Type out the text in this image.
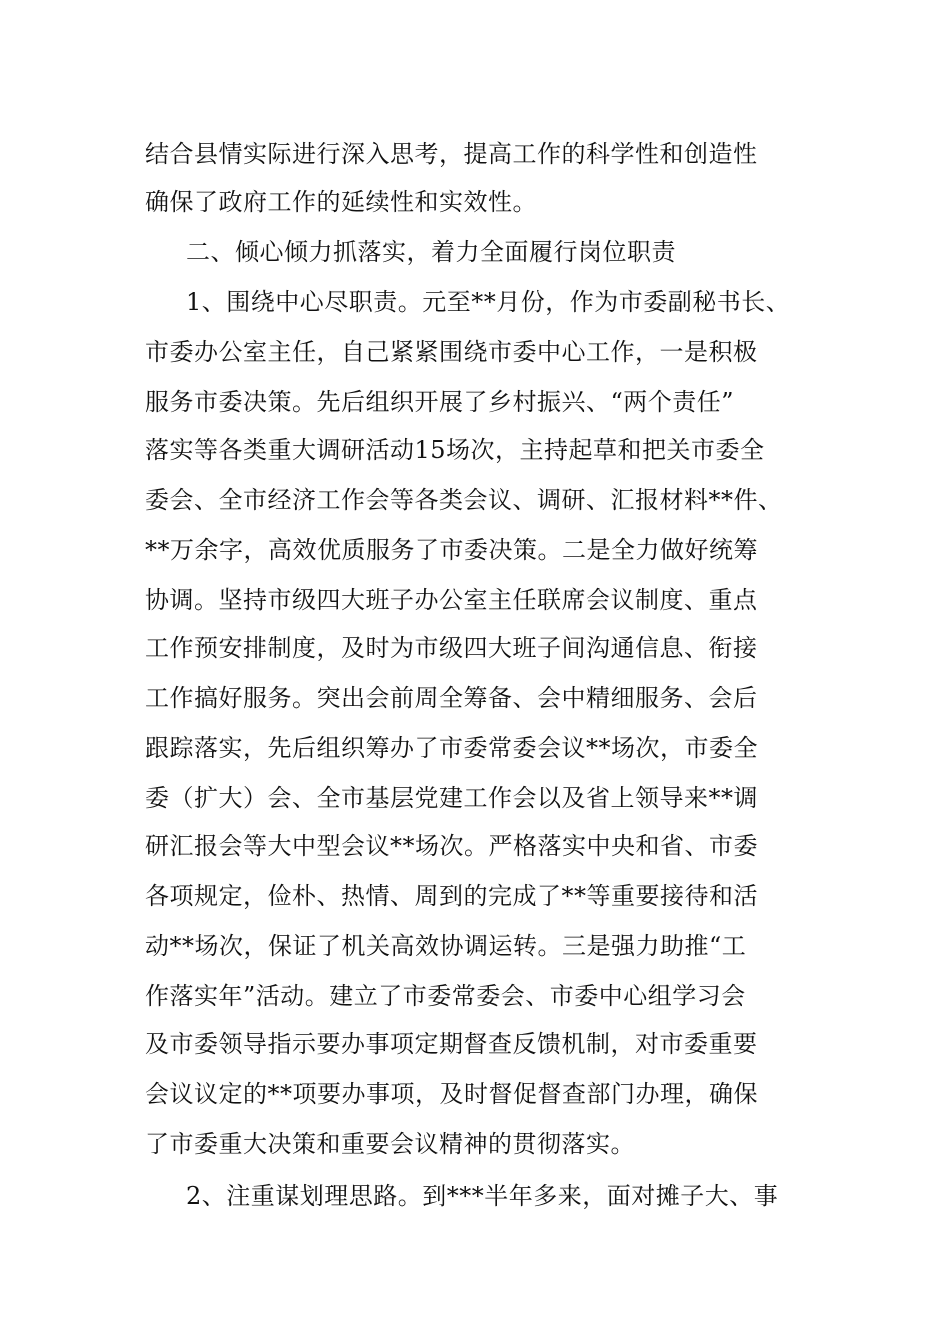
结合县情实际进行深入思考，提高工作的科学性和创造性
确保了政府工作的延续性和实效性。
二、倾心倾力抓落实，着力全面履行岗位职责
1、围绕中心尽职责。元至**月份，作为市委副秘书长、
市委办公室主任，自己紧紧围绕市委中心工作，一是积极
服务市委决策。先后组织开展了乡村振兴、“两个责任”
落实等各类重大调研活动15场次，主持起草和把关市委全
委会、全市经济工作会等各类会议、调研、汇报材料**件、
**万余字，高效优质服务了市委决策。二是全力做好统筹
协调。坚持市级四大班子办公室主任联席会议制度、重点
工作预安排制度，及时为市级四大班子间沟通信息、衔接
工作搞好服务。突出会前周全筹备、会中精细服务、会后
跟踪落实，先后组织筹办了市委常委会议**场次，市委全
委（扩大）会、全市基层党建工作会以及省上领导来**调
研汇报会等大中型会议**场次。严格落实中央和省、市委
各项规定，俭朴、热情、周到的完成了**等重要接待和活
动**场次，保证了机关高效协调运转。三是强力助推“工
作落实年”活动。建立了市委常委会、市委中心组学习会
及市委领导指示要办事项定期督查反馈机制，对市委重要
会议议定的**项要办事项，及时督促督查部门办理，确保
了市委重大决策和重要会议精神的贯彻落实。
2、注重谋划理思路。到***半年多来，面对摊子大、事
